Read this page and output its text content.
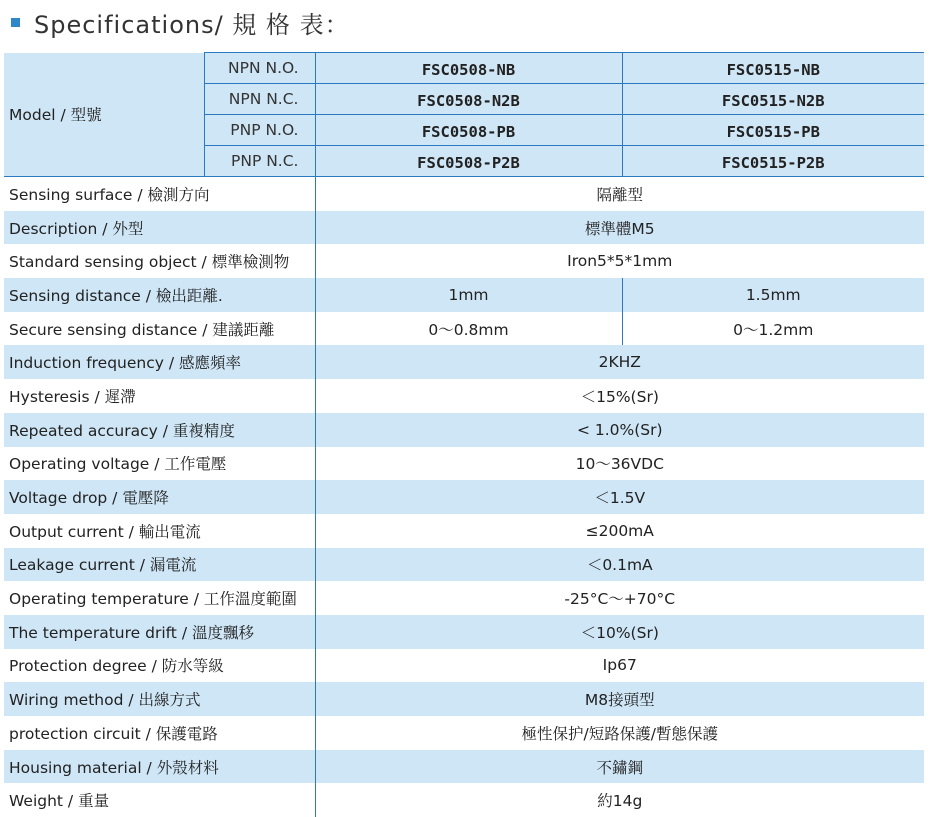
Specifications/ 規 格 表：
Model / 型號	NPN N.O.	FSC0508-NB	FSC0515-NB
	NPN N.C.	FSC0508-N2B	FSC0515-N2B
	PNP N.O.	FSC0508-PB	FSC0515-PB
	PNP N.C.	FSC0508-P2B	FSC0515-P2B
Sensing surface / 檢測方向		隔離型	
Description / 外型		標準體M5	
Standard sensing object / 標準檢測物		Iron5*5*1mm	
Sensing distance / 檢出距離.		1mm	1.5mm
Secure sensing distance / 建議距離		0～0.8mm	0～1.2mm
Induction frequency / 感應頻率		2KHZ	
Hysteresis / 遲滯		＜15%(Sr)	
Repeated accuracy / 重複精度		< 1.0%(Sr)	
Operating voltage / 工作電壓		10～36VDC	
Voltage drop / 電壓降		＜1.5V	
Output current / 輸出電流		≤200mA	
Leakage current / 漏電流		＜0.1mA	
Operating temperature / 工作溫度範圍		-25°C～+70°C	
The temperature drift / 溫度飄移		＜10%(Sr)	
Protection degree / 防水等級		Ip67	
Wiring method / 出線方式		M8接頭型	
protection circuit / 保護電路		極性保护/短路保護/暫態保護	
Housing material / 外殼材料		不鏽鋼	
Weight / 重量		約14g	
